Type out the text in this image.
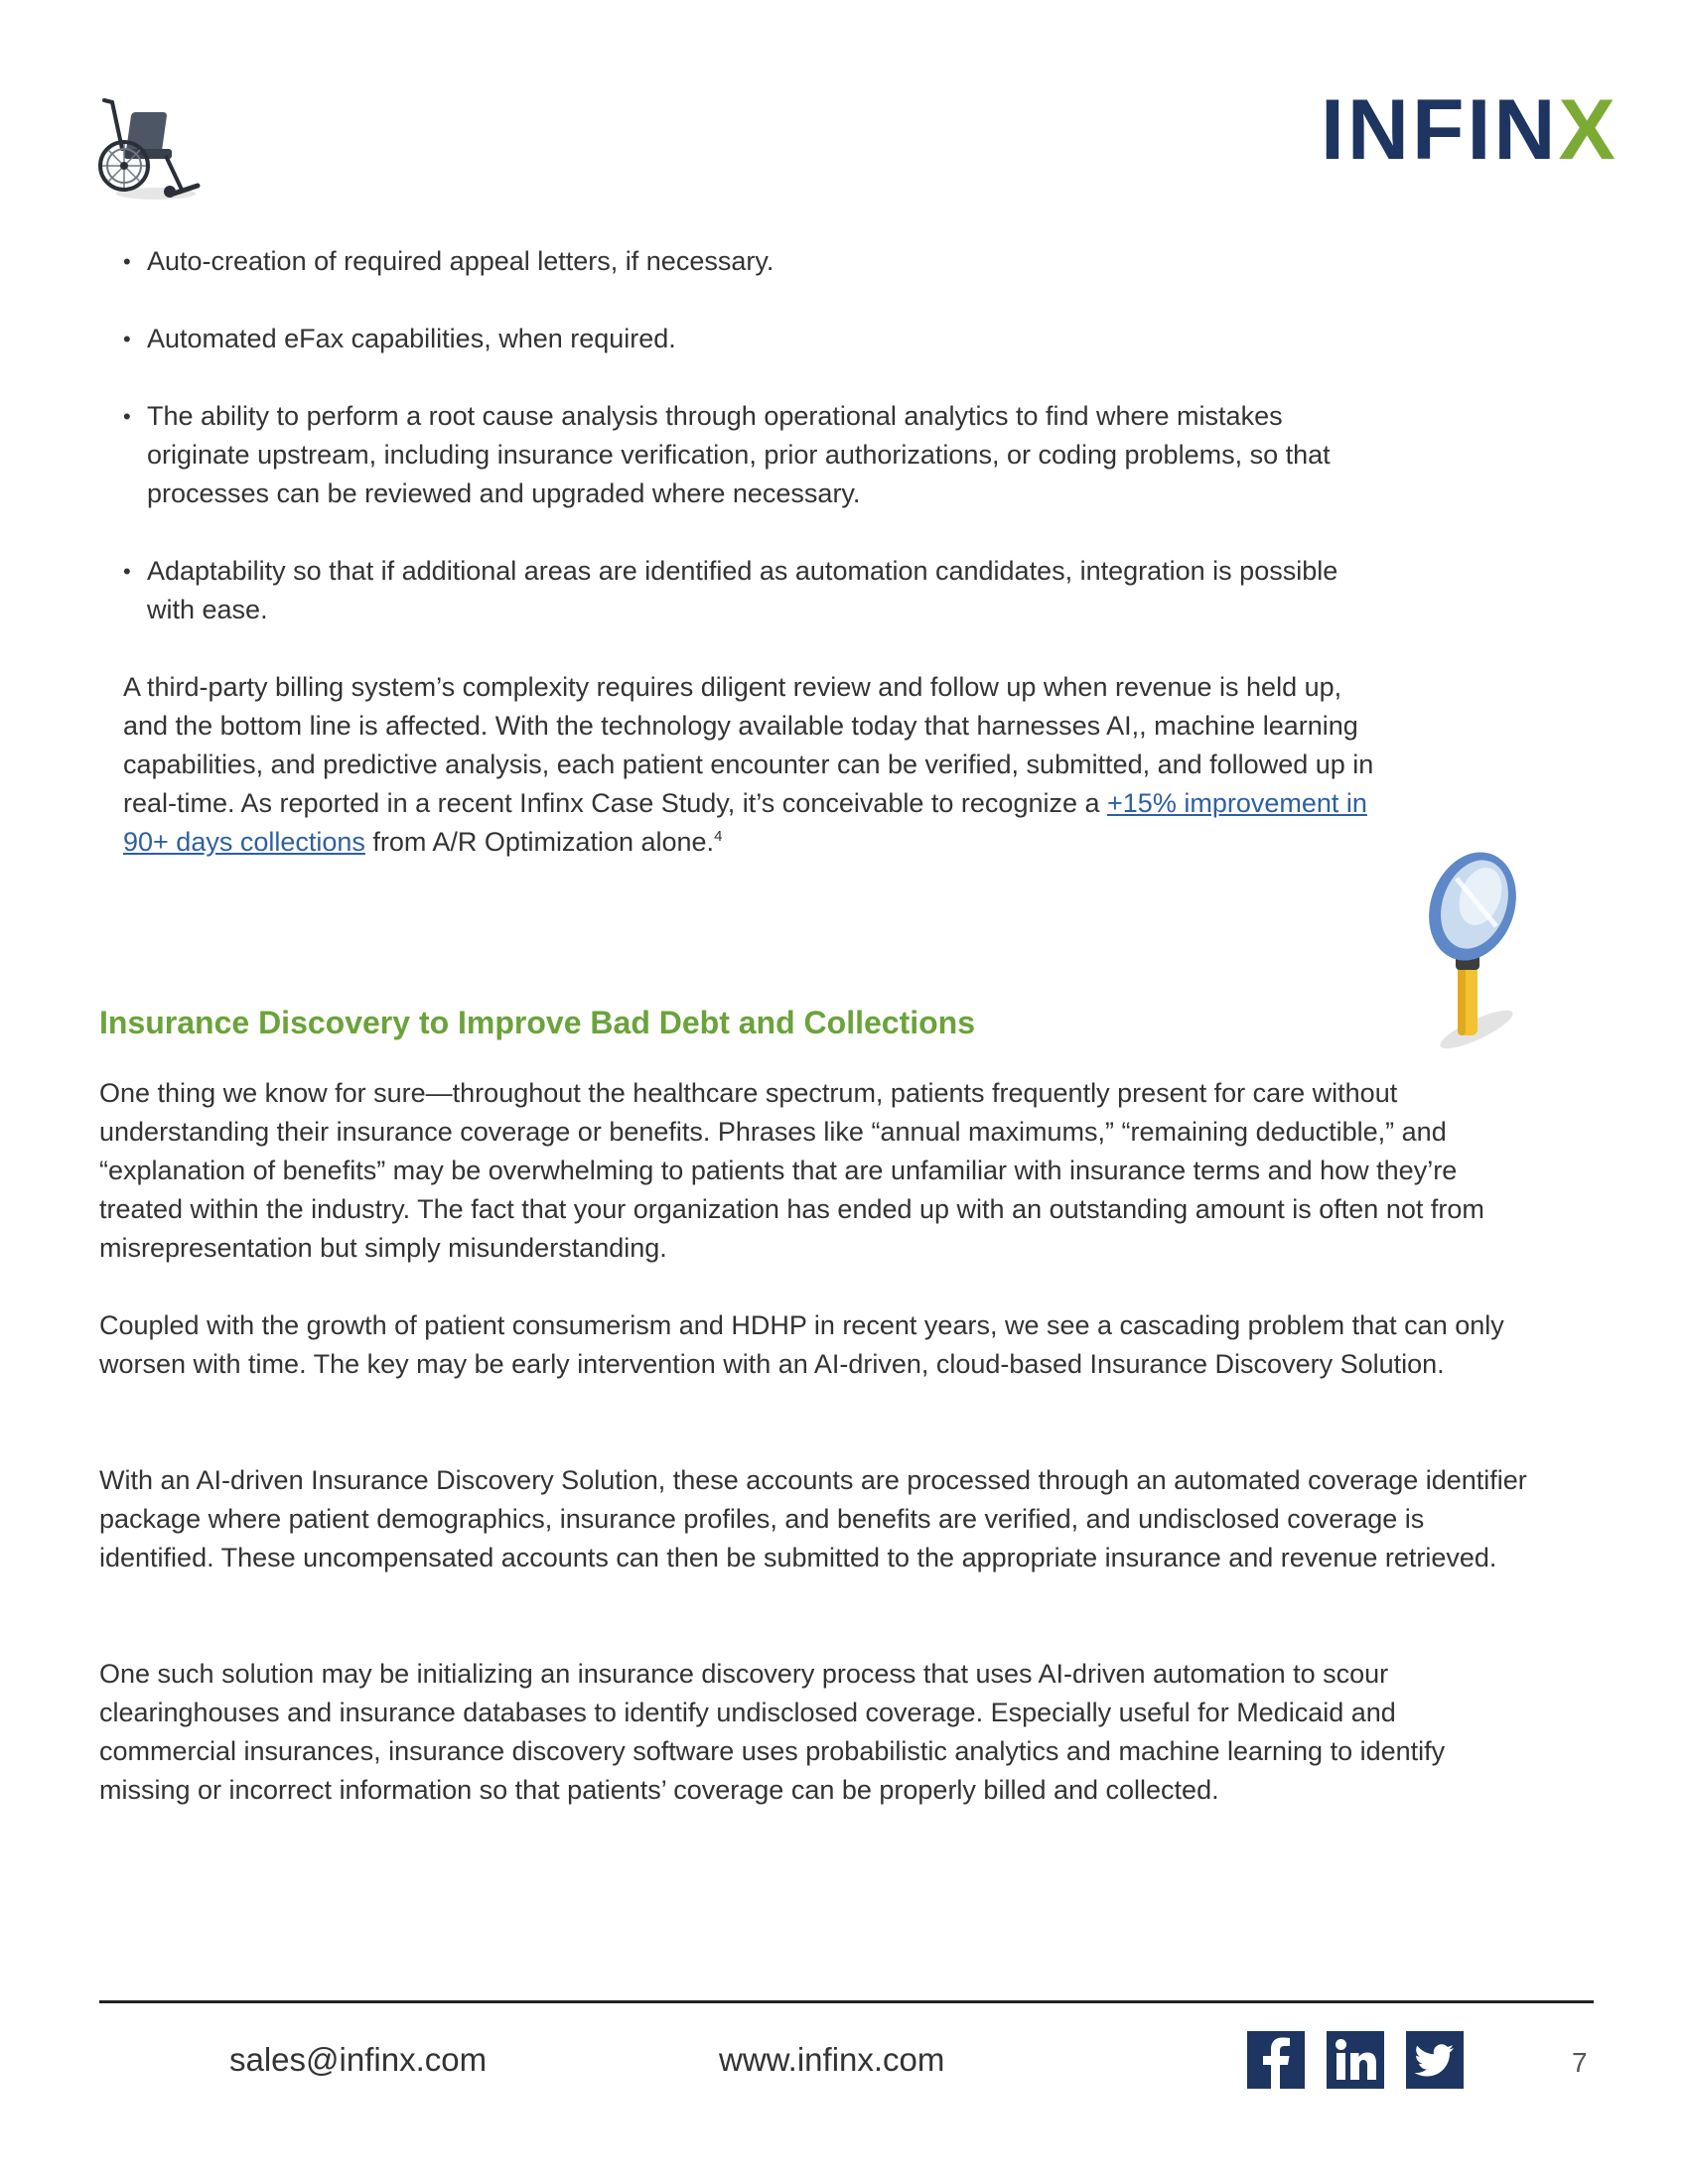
INFINX
• Auto-creation of required appeal letters, if necessary.
• Automated eFax capabilities, when required.
• The ability to perform a root cause analysis through operational analytics to find where mistakes originate upstream, including insurance verification, prior authorizations, or coding problems, so that processes can be reviewed and upgraded where necessary.
• Adaptability so that if additional areas are identified as automation candidates, integration is possible with ease.

A third-party billing system’s complexity requires diligent review and follow up when revenue is held up, and the bottom line is affected. With the technology available today that harnesses AI,, machine learning capabilities, and predictive analysis, each patient encounter can be verified, submitted, and followed up in real-time. As reported in a recent Infinx Case Study, it’s conceivable to recognize a +15% improvement in 90+ days collections from A/R Optimization alone.$^4$

Insurance Discovery to Improve Bad Debt and Collections

One thing we know for sure—throughout the healthcare spectrum, patients frequently present for care without understanding their insurance coverage or benefits. Phrases like “annual maximums,” “remaining deductible,” and “explanation of benefits” may be overwhelming to patients that are unfamiliar with insurance terms and how they’re treated within the industry. The fact that your organization has ended up with an outstanding amount is often not from misrepresentation but simply misunderstanding.

Coupled with the growth of patient consumerism and HDHP in recent years, we see a cascading problem that can only worsen with time. The key may be early intervention with an AI-driven, cloud-based Insurance Discovery Solution.

With an AI-driven Insurance Discovery Solution, these accounts are processed through an automated coverage identifier package where patient demographics, insurance profiles, and benefits are verified, and undisclosed coverage is identified. These uncompensated accounts can then be submitted to the appropriate insurance and revenue retrieved.

One such solution may be initializing an insurance discovery process that uses AI-driven automation to scour clearinghouses and insurance databases to identify undisclosed coverage. Especially useful for Medicaid and commercial insurances, insurance discovery software uses probabilistic analytics and machine learning to identify missing or incorrect information so that patients’ coverage can be properly billed and collected.

sales@infinx.com	www.infinx.com	7
